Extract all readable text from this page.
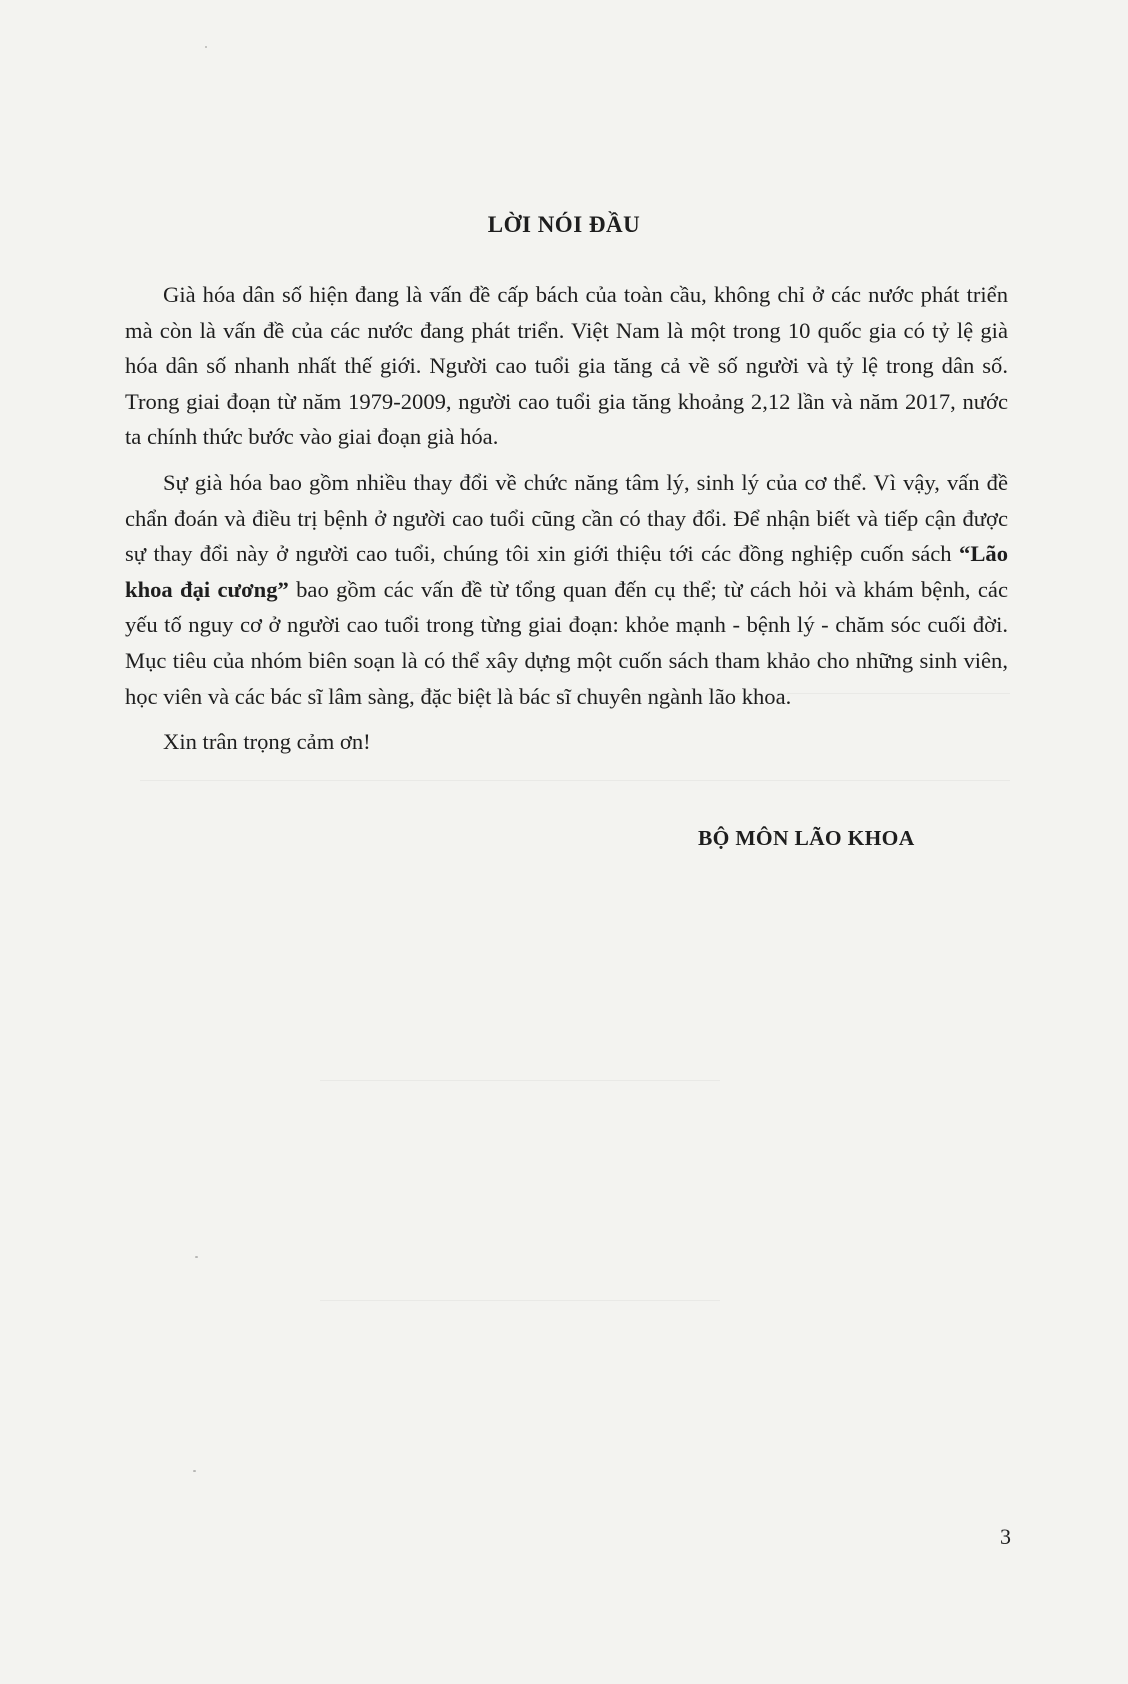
LỜI NÓI ĐẦU

Già hóa dân số hiện đang là vấn đề cấp bách của toàn cầu, không chỉ ở các nước phát triển mà còn là vấn đề của các nước đang phát triển. Việt Nam là một trong 10 quốc gia có tỷ lệ già hóa dân số nhanh nhất thế giới. Người cao tuổi gia tăng cả về số người và tỷ lệ trong dân số. Trong giai đoạn từ năm 1979-2009, người cao tuổi gia tăng khoảng 2,12 lần và năm 2017, nước ta chính thức bước vào giai đoạn già hóa.

Sự già hóa bao gồm nhiều thay đổi về chức năng tâm lý, sinh lý của cơ thể. Vì vậy, vấn đề chẩn đoán và điều trị bệnh ở người cao tuổi cũng cần có thay đổi. Để nhận biết và tiếp cận được sự thay đổi này ở người cao tuổi, chúng tôi xin giới thiệu tới các đồng nghiệp cuốn sách “Lão khoa đại cương” bao gồm các vấn đề từ tổng quan đến cụ thể; từ cách hỏi và khám bệnh, các yếu tố nguy cơ ở người cao tuổi trong từng giai đoạn: khỏe mạnh - bệnh lý - chăm sóc cuối đời. Mục tiêu của nhóm biên soạn là có thể xây dựng một cuốn sách tham khảo cho những sinh viên, học viên và các bác sĩ lâm sàng, đặc biệt là bác sĩ chuyên ngành lão khoa.

Xin trân trọng cảm ơn!

BỘ MÔN LÃO KHOA
3
